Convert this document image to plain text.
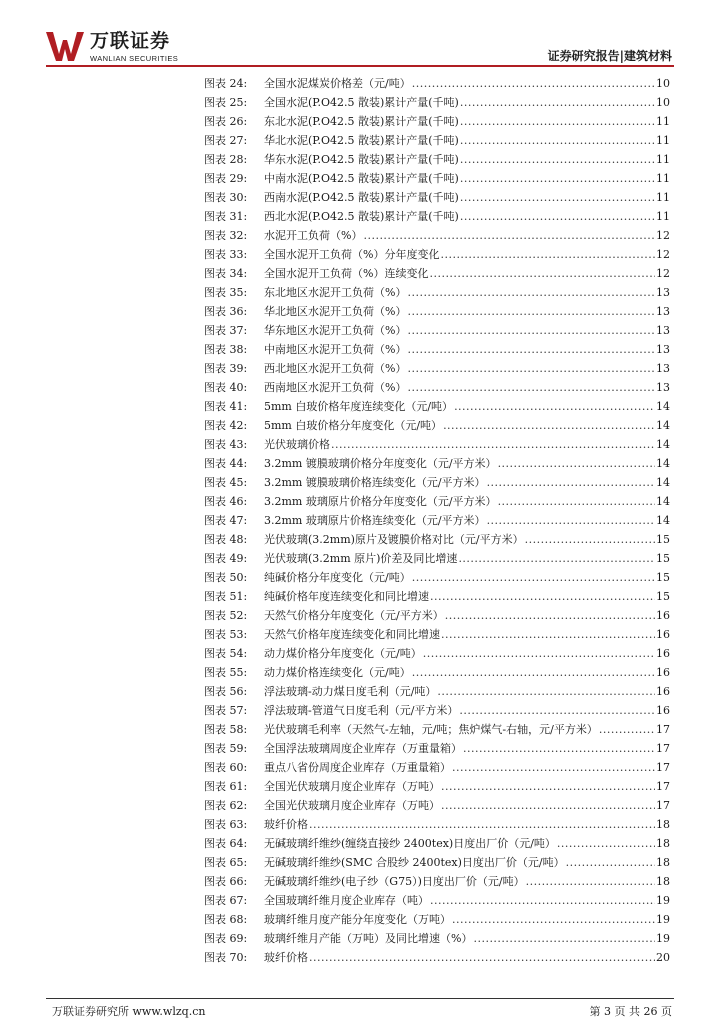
万联证券
WANLIAN SECURITIES	证券研究报告|建筑材料
图表 24:	全国水泥煤炭价格差（元/吨） .....	10
图表 25:	全国水泥(P.O42.5 散装)累计产量(千吨) .....	10
图表 26:	东北水泥(P.O42.5 散装)累计产量(千吨) .....	11
图表 27:	华北水泥(P.O42.5 散装)累计产量(千吨) .....	11
图表 28:	华东水泥(P.O42.5 散装)累计产量(千吨) .....	11
图表 29:	中南水泥(P.O42.5 散装)累计产量(千吨) .....	11
图表 30:	西南水泥(P.O42.5 散装)累计产量(千吨) .....	11
图表 31:	西北水泥(P.O42.5 散装)累计产量(千吨) .....	11
图表 32:	水泥开工负荷（%） .....	12
图表 33:	全国水泥开工负荷（%）分年度变化 .....	12
图表 34:	全国水泥开工负荷（%）连续变化 .....	12
图表 35:	东北地区水泥开工负荷（%） .....	13
图表 36:	华北地区水泥开工负荷（%） .....	13
图表 37:	华东地区水泥开工负荷（%） .....	13
图表 38:	中南地区水泥开工负荷（%） .....	13
图表 39:	西北地区水泥开工负荷（%） .....	13
图表 40:	西南地区水泥开工负荷（%） .....	13
图表 41:	5mm 白玻价格年度连续变化（元/吨） .....	14
图表 42:	5mm 白玻价格分年度变化（元/吨） .....	14
图表 43:	光伏玻璃价格 .....	14
图表 44:	3.2mm 镀膜玻璃价格分年度变化（元/平方米） .....	14
图表 45:	3.2mm 镀膜玻璃价格连续变化（元/平方米） .....	14
图表 46:	3.2mm 玻璃原片价格分年度变化（元/平方米） .....	14
图表 47:	3.2mm 玻璃原片价格连续变化（元/平方米） .....	14
图表 48:	光伏玻璃(3.2mm)原片及镀膜价格对比（元/平方米） .....	15
图表 49:	光伏玻璃(3.2mm 原片)价差及同比增速 .....	15
图表 50:	纯碱价格分年度变化（元/吨） .....	15
图表 51:	纯碱价格年度连续变化和同比增速 .....	15
图表 52:	天然气价格分年度变化（元/平方米） .....	16
图表 53:	天然气价格年度连续变化和同比增速 .....	16
图表 54:	动力煤价格分年度变化（元/吨） .....	16
图表 55:	动力煤价格连续变化（元/吨） .....	16
图表 56:	浮法玻璃-动力煤日度毛利（元/吨） .....	16
图表 57:	浮法玻璃-管道气日度毛利（元/平方米） .....	16
图表 58:	光伏玻璃毛利率（天然气-左轴，元/吨；焦炉煤气-右轴，元/平方米） .....	17
图表 59:	全国浮法玻璃周度企业库存（万重量箱） .....	17
图表 60:	重点八省份周度企业库存（万重量箱） .....	17
图表 61:	全国光伏玻璃月度企业库存（万吨） .....	17
图表 62:	全国光伏玻璃月度企业库存（万吨） .....	17
图表 63:	玻纤价格 .....	18
图表 64:	无碱玻璃纤维纱(缠绕直接纱 2400tex)日度出厂价（元/吨） .....	18
图表 65:	无碱玻璃纤维纱(SMC 合股纱 2400tex)日度出厂价（元/吨） .....	18
图表 66:	无碱玻璃纤维纱(电子纱（G75）)日度出厂价（元/吨） .....	18
图表 67:	全国玻璃纤维月度企业库存（吨） .....	19
图表 68:	玻璃纤维月度产能分年度变化（万吨） .....	19
图表 69:	玻璃纤维月产能（万吨）及同比增速（%） .....	19
图表 70:	玻纤价格 .....	20
万联证券研究所 www.wlzq.cn	第 3 页 共 26 页
